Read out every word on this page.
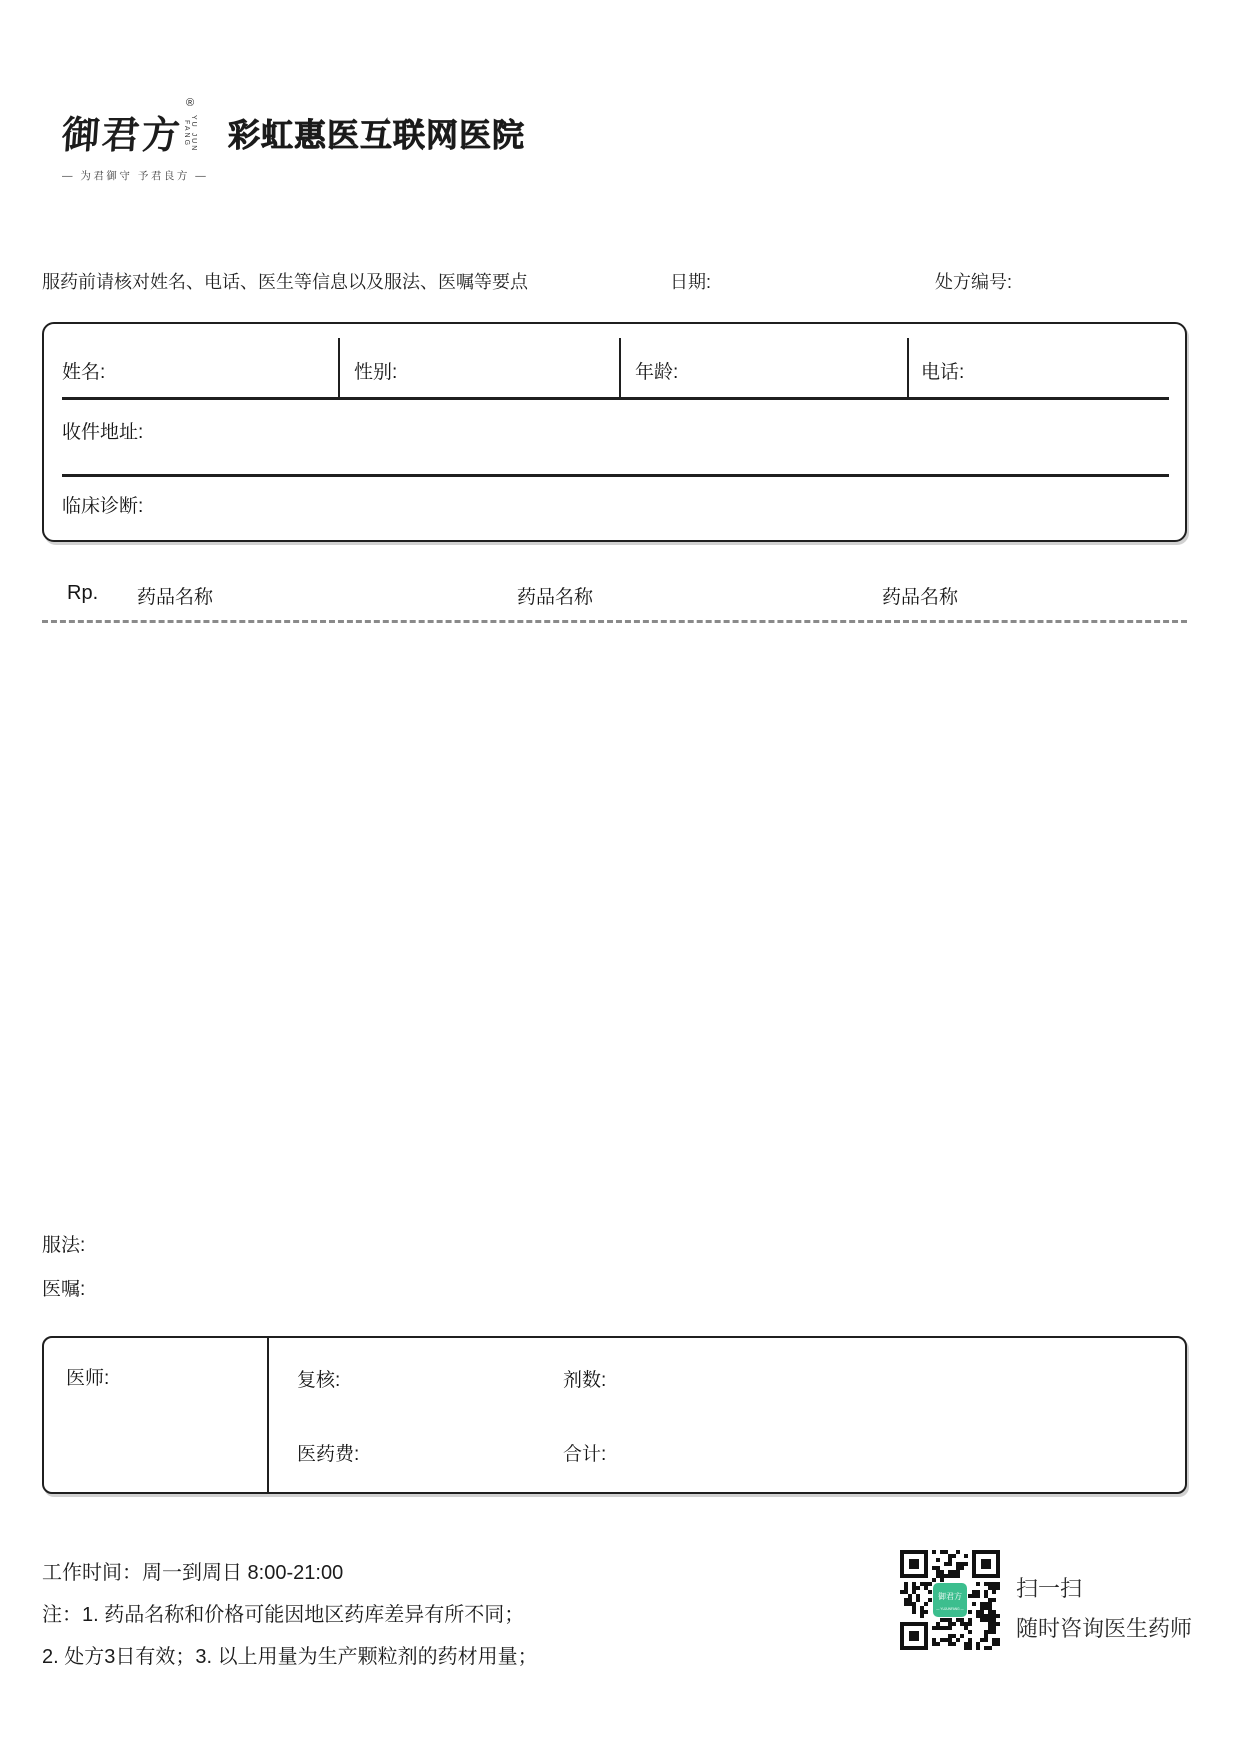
御君方
®
YU JUN FANG
— 为君御守 予君良方 —
彩虹惠医互联网医院
服药前请核对姓名、电话、医生等信息以及服法、医嘱等要点	日期:	处方编号:
姓名:	性别:	年龄:	电话:
收件地址:
临床诊断:
Rp. 药品名称	药品名称	药品名称
服法:
医嘱:
医师:	复核:	剂数:
医药费:	合计:
工作时间：周一到周日 8:00-21:00
注：1. 药品名称和价格可能因地区药库差异有所不同；
2. 处方3日有效；3. 以上用量为生产颗粒剂的药材用量；
御君方
— YUJUNFANG —
扫一扫
随时咨询医生药师
